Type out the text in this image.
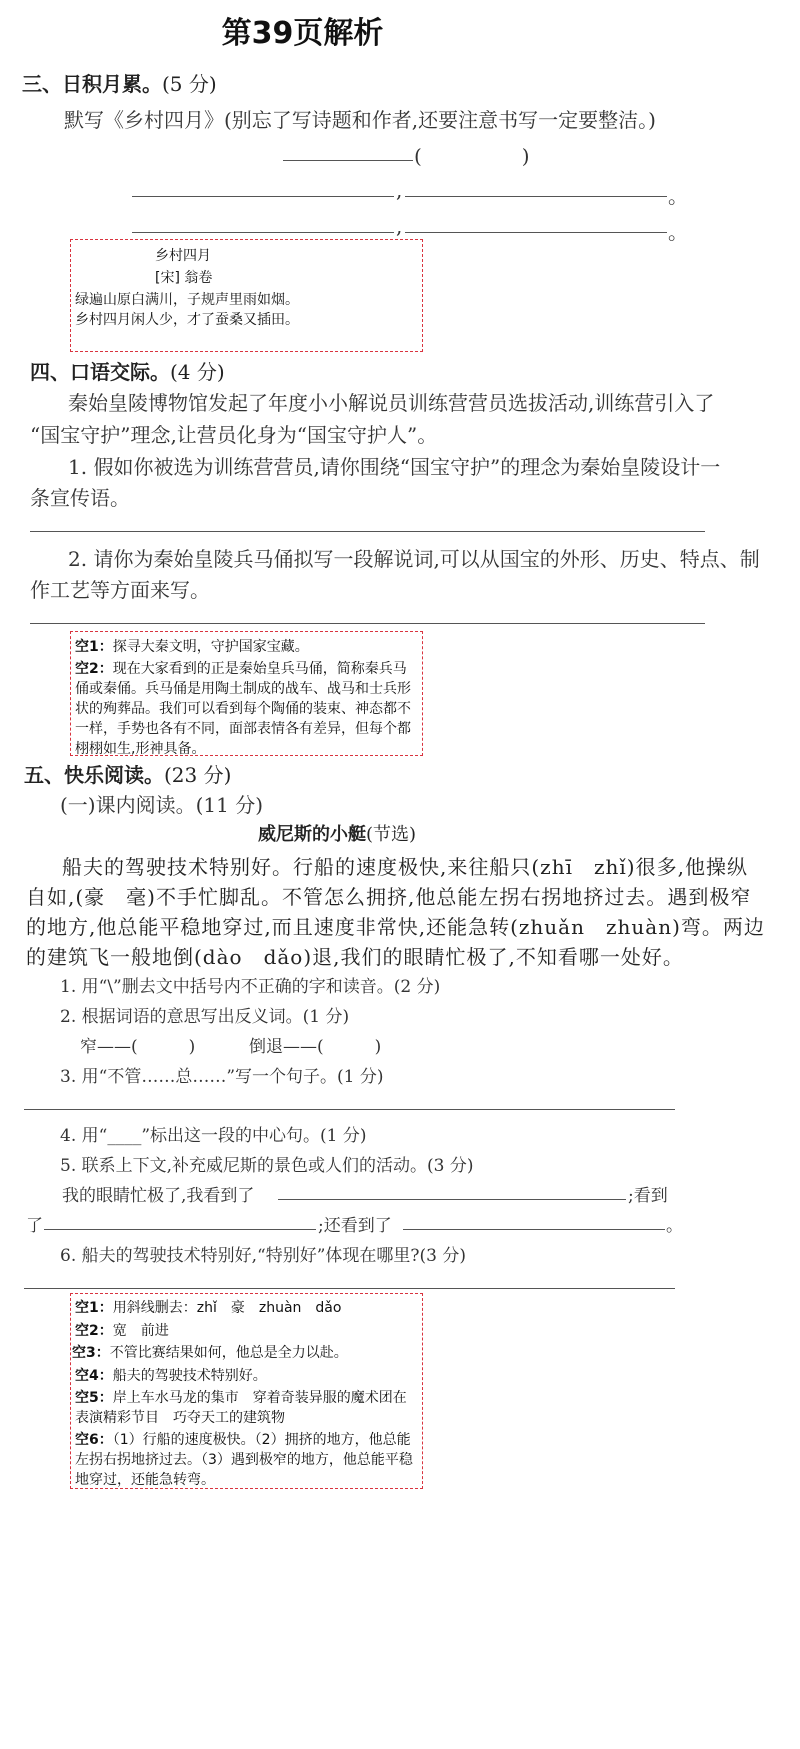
第39页解析
三、日积月累。(5 分)
默写《乡村四月》(别忘了写诗题和作者,还要注意书写一定要整洁。)
(　　　　　)
,	。
,	。
乡村四月
[宋] 翁卷
绿遍山原白满川，子规声里雨如烟。
乡村四月闲人少，才了蚕桑又插田。
四、口语交际。(4 分)
秦始皇陵博物馆发起了年度小小解说员训练营营员选拔活动,训练营引入了
“国宝守护”理念,让营员化身为“国宝守护人”。
1. 假如你被选为训练营营员,请你围绕“国宝守护”的理念为秦始皇陵设计一
条宣传语。
2. 请你为秦始皇陵兵马俑拟写一段解说词,可以从国宝的外形、历史、特点、制
作工艺等方面来写。
空1：探寻大秦文明，守护国家宝藏。
空2：现在大家看到的正是秦始皇兵马俑，简称秦兵马俑或秦俑。兵马俑是用陶土制成的战车、战马和士兵形状的殉葬品。我们可以看到每个陶俑的装束、神态都不一样，手势也各有不同，面部表情各有差异，但每个都栩栩如生,形神具备。
五、快乐阅读。(23 分)
(一)课内阅读。(11 分)
威尼斯的小艇(节选)
船夫的驾驶技术特别好。行船的速度极快,来往船只(zhī　zhǐ)很多,他操纵
自如,(豪　毫)不手忙脚乱。不管怎么拥挤,他总能左拐右拐地挤过去。遇到极窄
的地方,他总能平稳地穿过,而且速度非常快,还能急转(zhuǎn　zhuàn)弯。两边
的建筑飞一般地倒(dào　dǎo)退,我们的眼睛忙极了,不知看哪一处好。
1. 用“\”删去文中括号内不正确的字和读音。(2 分)
2. 根据词语的意思写出反义词。(1 分)
窄——(　　　)	倒退——(　　　)
3. 用“不管……总……”写一个句子。(1 分)
4. 用“____”标出这一段的中心句。(1 分)
5. 联系上下文,补充威尼斯的景色或人们的活动。(3 分)
我的眼睛忙极了,我看到了	;看到
了	;还看到了	。
6. 船夫的驾驶技术特别好,“特别好”体现在哪里?(3 分)
空1：用斜线删去：zhǐ　豪　zhuàn　dǎo
空2：宽　前进
空3：不管比赛结果如何，他总是全力以赴。
空4：船夫的驾驶技术特别好。
空5：岸上车水马龙的集市　穿着奇装异服的魔术团在表演精彩节目　巧夺天工的建筑物
空6：（1）行船的速度极快。（2）拥挤的地方，他总能左拐右拐地挤过去。（3）遇到极窄的地方，他总能平稳地穿过，还能急转弯。
